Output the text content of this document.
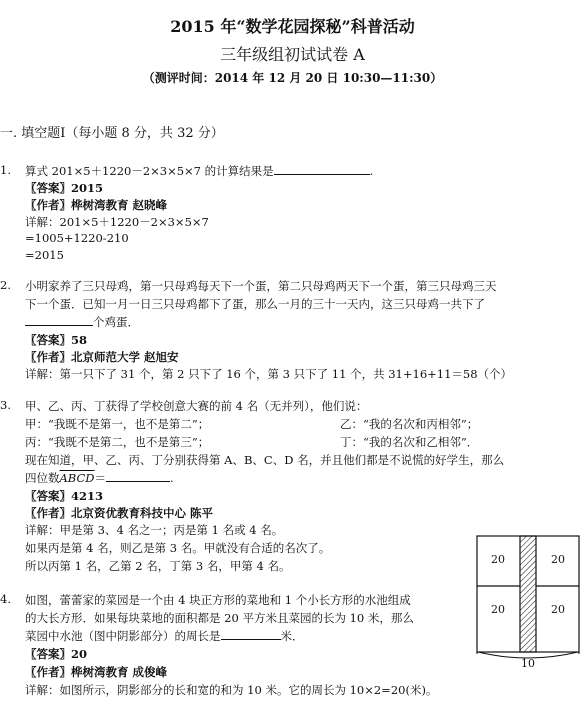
2015 年“数学花园探秘”科普活动
三年级组初试试卷 A
（测评时间：2014 年 12 月 20 日 10:30—11:30）
一. 填空题Ⅰ（每小题 8 分，共 32 分）
1. 算式 201×5＋1220－2×3×5×7 的计算结果是	.
〖答案〗2015
〖作者〗桦树湾教育 赵晓峰
详解：201×5＋1220－2×3×5×7
=1005+1220-210
=2015
2. 小明家养了三只母鸡，第一只母鸡每天下一个蛋，第二只母鸡两天下一个蛋，第三只母鸡三天
下一个蛋．已知一月一日三只母鸡都下了蛋，那么一月的三十一天内，这三只母鸡一共下了
个鸡蛋．
〖答案〗58
〖作者〗北京师范大学 赵旭安
详解：第一只下了 31 个，第 2 只下了 16 个，第 3 只下了 11 个，共 31+16+11＝58（个）
3. 甲、乙、丙、丁获得了学校创意大赛的前 4 名（无并列），他们说：
甲：“我既不是第一，也不是第二”；	乙：“我的名次和丙相邻”；
丙：“我既不是第二，也不是第三”；	丁：“我的名次和乙相邻”．
现在知道，甲、乙、丙、丁分别获得第 A、B、C、D 名，并且他们都是不说慌的好学生，那么
四位数ABCD＝	.
〖答案〗4213
〖作者〗北京资优教育科技中心 陈平
详解：甲是第 3、4 名之一；丙是第 1 名或 4 名。
如果丙是第 4 名，则乙是第 3 名。甲就没有合适的名次了。
所以丙第 1 名，乙第 2 名，丁第 3 名，甲第 4 名。
4. 如图，蕾蕾家的菜园是一个由 4 块正方形的菜地和 1 个小长方形的水池组成
的大长方形．如果每块菜地的面积都是 20 平方米且菜园的长为 10 米，那么
菜园中水池（图中阴影部分）的周长是	米．
〖答案〗20
〖作者〗桦树湾教育 成俊峰
详解：如图所示，阴影部分的长和宽的和为 10 米。它的周长为 10×2=20(米)。
20	20
20	20
10
